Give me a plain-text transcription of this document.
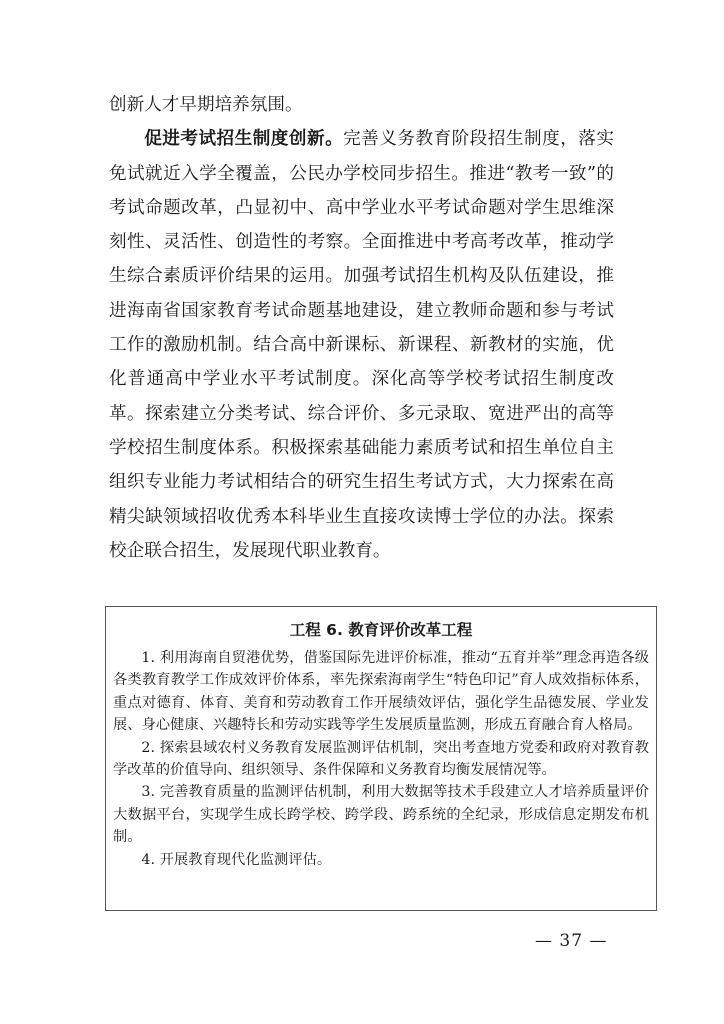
创新人才早期培养氛围。

促进考试招生制度创新。完善义务教育阶段招生制度，落实免试就近入学全覆盖，公民办学校同步招生。推进“教考一致”的考试命题改革，凸显初中、高中学业水平考试命题对学生思维深刻性、灵活性、创造性的考察。全面推进中考高考改革，推动学生综合素质评价结果的运用。加强考试招生机构及队伍建设，推进海南省国家教育考试命题基地建设，建立教师命题和参与考试工作的激励机制。结合高中新课标、新课程、新教材的实施，优化普通高中学业水平考试制度。深化高等学校考试招生制度改革。探索建立分类考试、综合评价、多元录取、宽进严出的高等学校招生制度体系。积极探索基础能力素质考试和招生单位自主组织专业能力考试相结合的研究生招生考试方式，大力探索在高精尖缺领域招收优秀本科毕业生直接攻读博士学位的办法。探索校企联合招生，发展现代职业教育。

工程 6. 教育评价改革工程

1. 利用海南自贸港优势，借鉴国际先进评价标准，推动“五育并举”理念再造各级各类教育教学工作成效评价体系，率先探索海南学生“特色印记”育人成效指标体系，重点对德育、体育、美育和劳动教育工作开展绩效评估，强化学生品德发展、学业发展、身心健康、兴趣特长和劳动实践等学生发展质量监测，形成五育融合育人格局。

2. 探索县域农村义务教育发展监测评估机制，突出考查地方党委和政府对教育教学改革的价值导向、组织领导、条件保障和义务教育均衡发展情况等。

3. 完善教育质量的监测评估机制，利用大数据等技术手段建立人才培养质量评价大数据平台，实现学生成长跨学校、跨学段、跨系统的全纪录，形成信息定期发布机制。

4. 开展教育现代化监测评估。

— 37 —
